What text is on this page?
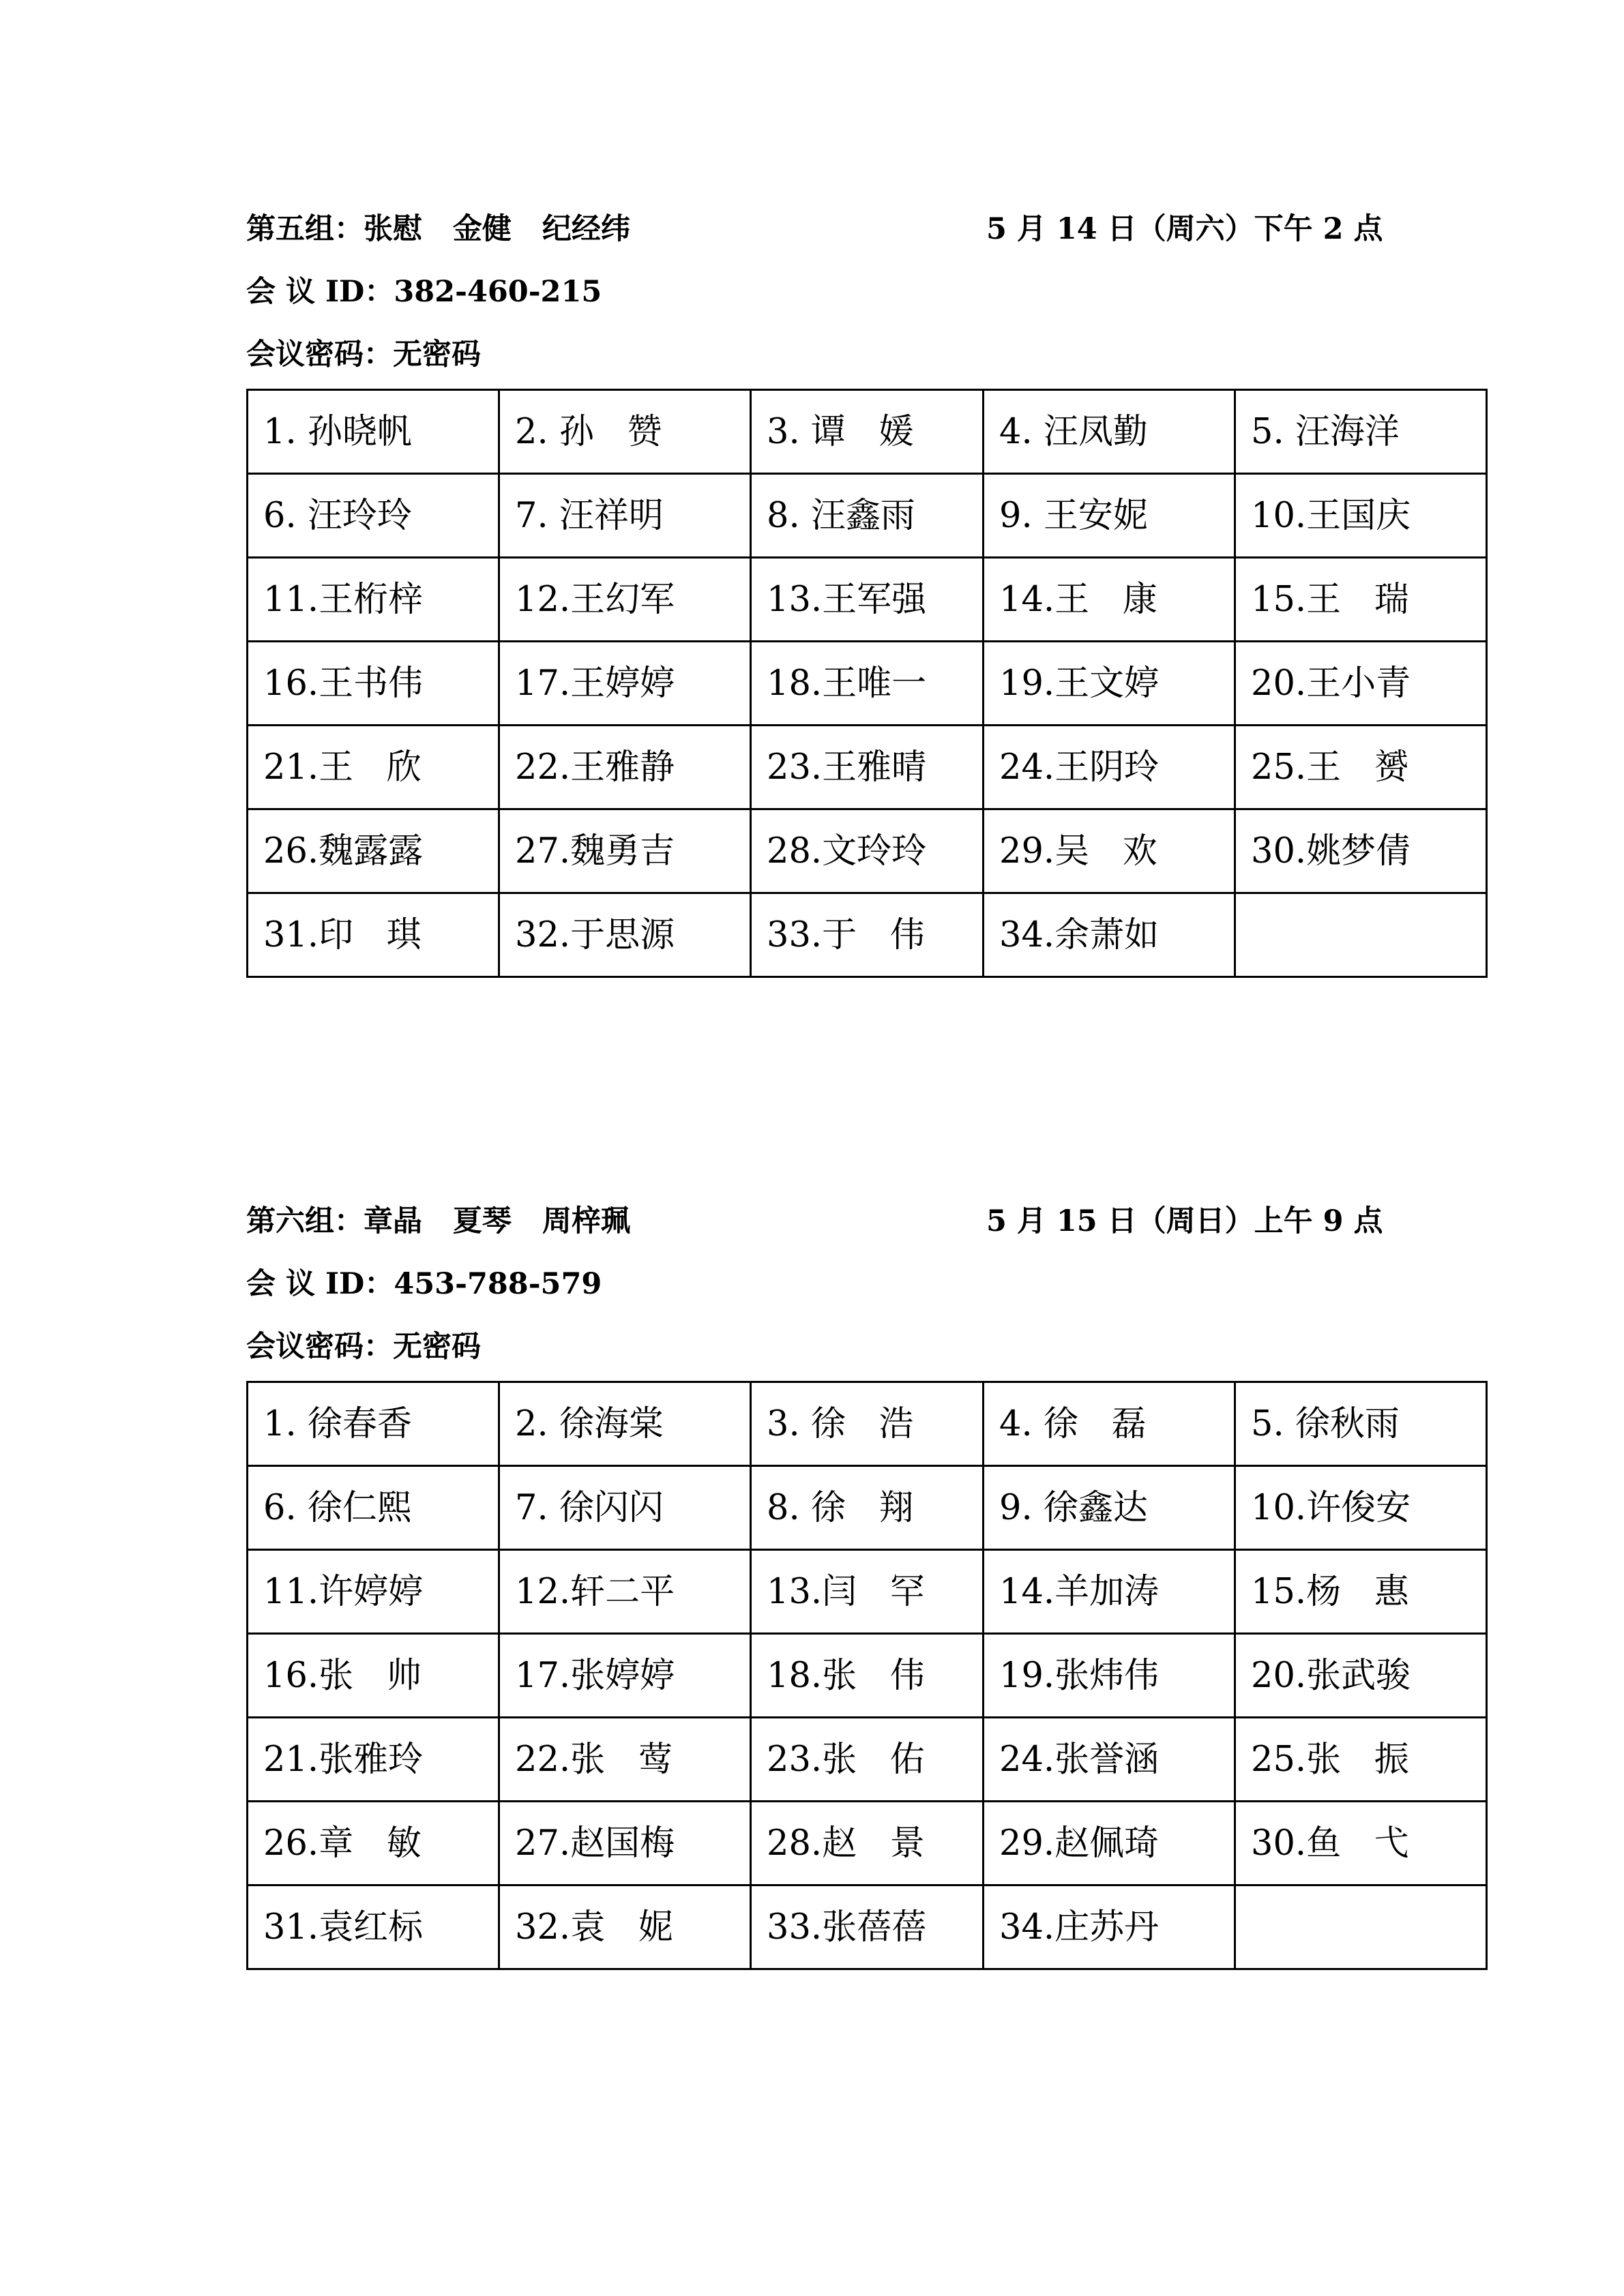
第五组：张慰   金健   纪经纬	5 月 14 日（周六）下午 2 点
会 议 ID：382-460-215
会议密码：无密码
1. 孙晓帆	2. 孙   赞	3. 谭   媛	4. 汪凤勤	5. 汪海洋
6. 汪玲玲	7. 汪祥明	8. 汪鑫雨	9. 王安妮	10.王国庆
11.王桁梓	12.王幻军	13.王军强	14.王   康	15.王   瑞
16.王书伟	17.王婷婷	18.王唯一	19.王文婷	20.王小青
21.王   欣	22.王雅静	23.王雅晴	24.王阴玲	25.王   赟
26.魏露露	27.魏勇吉	28.文玲玲	29.吴   欢	30.姚梦倩
31.印   琪	32.于思源	33.于   伟	34.余萧如	
第六组：章晶   夏琴   周梓珮	5 月 15 日（周日）上午 9 点
会 议 ID：453-788-579
会议密码：无密码
1. 徐春香	2. 徐海棠	3. 徐   浩	4. 徐   磊	5. 徐秋雨
6. 徐仁熙	7. 徐闪闪	8. 徐   翔	9. 徐鑫达	10.许俊安
11.许婷婷	12.轩二平	13.闫   罕	14.羊加涛	15.杨   惠
16.张   帅	17.张婷婷	18.张   伟	19.张炜伟	20.张武骏
21.张雅玲	22.张   莺	23.张   佑	24.张誉涵	25.张   振
26.章   敏	27.赵国梅	28.赵   景	29.赵佩琦	30.鱼   弋
31.袁红标	32.袁   妮	33.张蓓蓓	34.庄苏丹	
